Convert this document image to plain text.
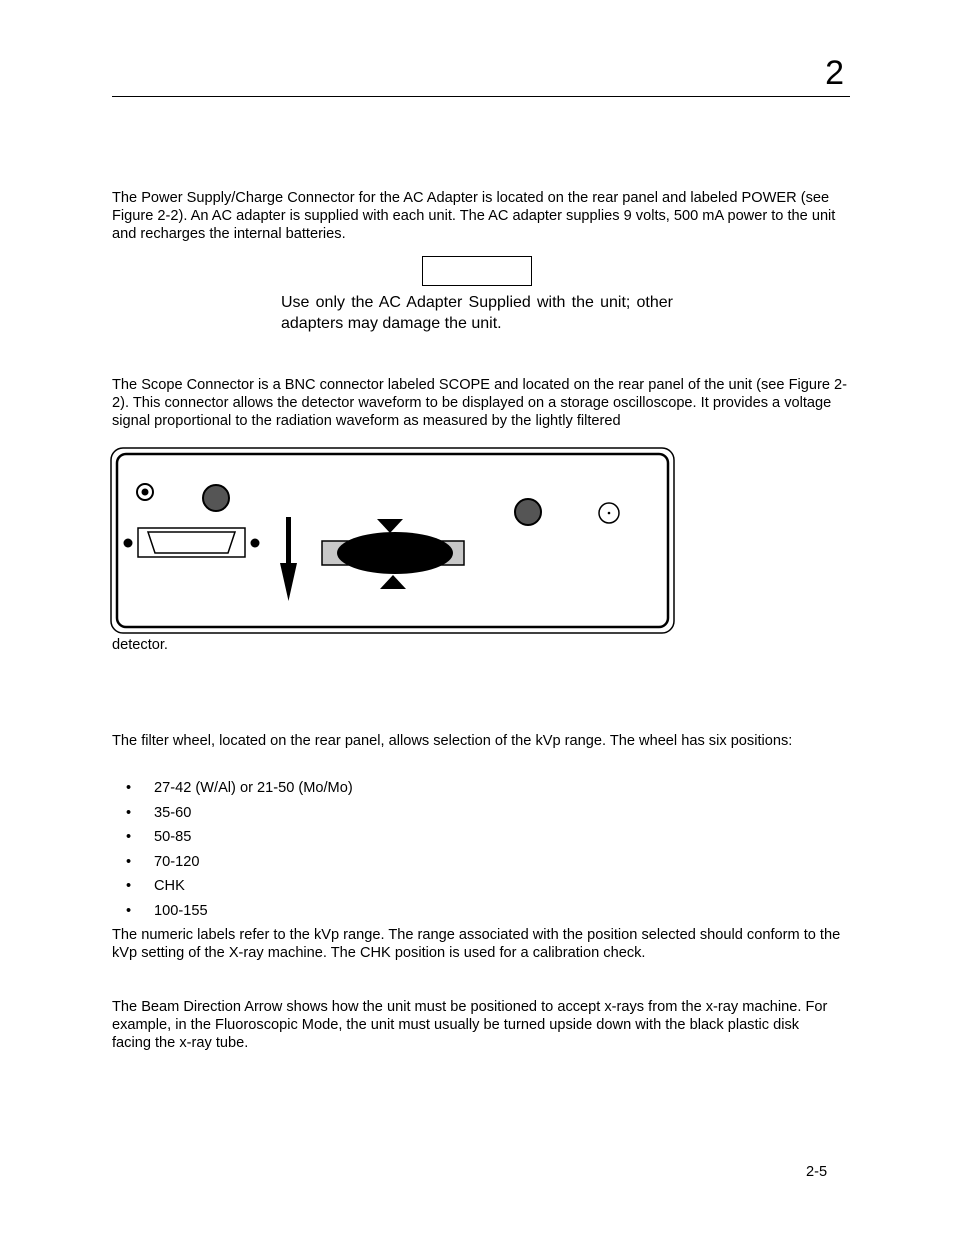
2

The Power Supply/Charge Connector for the AC Adapter is located on the rear panel and labeled POWER (see Figure 2-2). An AC adapter is supplied with each unit. The AC adapter supplies 9 volts, 500 mA power to the unit and recharges the internal batteries.

Use only the AC Adapter Supplied with the unit; other adapters may damage the unit.

The Scope Connector is a BNC connector labeled SCOPE and located on the rear panel of the unit (see Figure 2-2). This connector allows the detector waveform to be displayed on a storage oscilloscope. It provides a voltage signal proportional to the radiation waveform as measured by the lightly filtered

detector.

The filter wheel, located on the rear panel, allows selection of the kVp range. The wheel has six positions:

• 27-42 (W/Al) or 21-50 (Mo/Mo)
• 35-60
• 50-85
• 70-120
• CHK
• 100-155

The numeric labels refer to the kVp range. The range associated with the position selected should conform to the kVp setting of the X-ray machine. The CHK position is used for a calibration check.

The Beam Direction Arrow shows how the unit must be positioned to accept x-rays from the x-ray machine. For example, in the Fluoroscopic Mode, the unit must usually be turned upside down with the black plastic disk facing the x-ray tube.

2-5
